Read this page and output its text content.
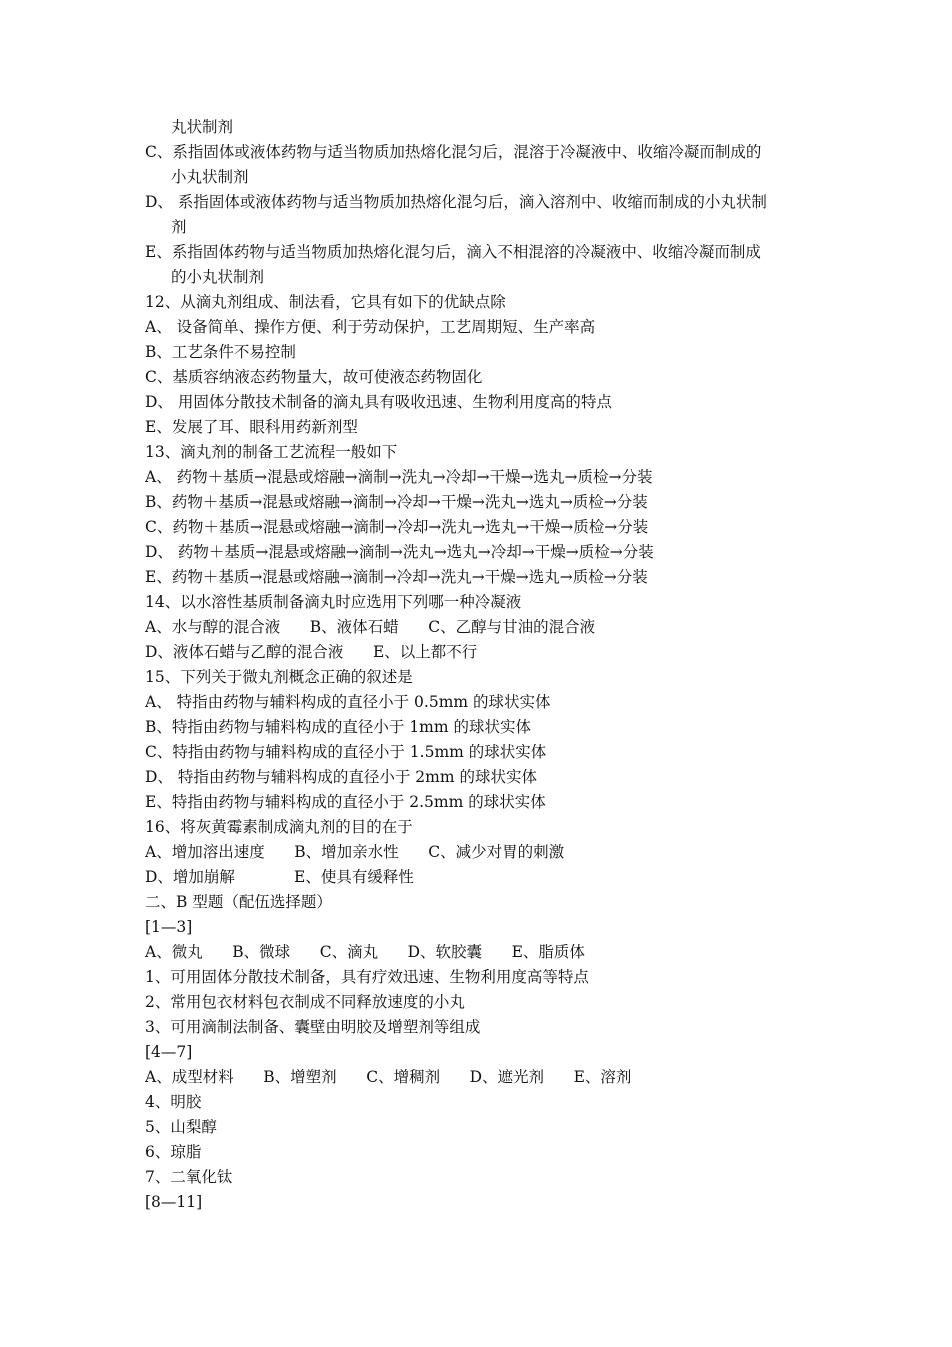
丸状制剂
C、系指固体或液体药物与适当物质加热熔化混匀后，混溶于冷凝液中、收缩冷凝而制成的
小丸状制剂
D、 系指固体或液体药物与适当物质加热熔化混匀后，滴入溶剂中、收缩而制成的小丸状制
剂
E、系指固体药物与适当物质加热熔化混匀后，滴入不相混溶的冷凝液中、收缩冷凝而制成
的小丸状制剂
12、从滴丸剂组成、制法看，它具有如下的优缺点除
A、 设备简单、操作方便、利于劳动保护，工艺周期短、生产率高
B、工艺条件不易控制
C、基质容纳液态药物量大，故可使液态药物固化
D、 用固体分散技术制备的滴丸具有吸收迅速、生物利用度高的特点
E、发展了耳、眼科用药新剂型
13、滴丸剂的制备工艺流程一般如下
A、 药物＋基质→混悬或熔融→滴制→洗丸→冷却→干燥→选丸→质检→分装
B、药物＋基质→混悬或熔融→滴制→冷却→干燥→洗丸→选丸→质检→分装
C、药物＋基质→混悬或熔融→滴制→冷却→洗丸→选丸→干燥→质检→分装
D、 药物＋基质→混悬或熔融→滴制→洗丸→选丸→冷却→干燥→质检→分装
E、药物＋基质→混悬或熔融→滴制→冷却→洗丸→干燥→选丸→质检→分装
14、以水溶性基质制备滴丸时应选用下列哪一种冷凝液
A、水与醇的混合液      B、液体石蜡      C、乙醇与甘油的混合液
D、液体石蜡与乙醇的混合液      E、以上都不行
15、下列关于微丸剂概念正确的叙述是
A、 特指由药物与辅料构成的直径小于 0.5mm 的球状实体
B、特指由药物与辅料构成的直径小于 1mm 的球状实体
C、特指由药物与辅料构成的直径小于 1.5mm 的球状实体
D、 特指由药物与辅料构成的直径小于 2mm 的球状实体
E、特指由药物与辅料构成的直径小于 2.5mm 的球状实体
16、将灰黄霉素制成滴丸剂的目的在于
A、增加溶出速度      B、增加亲水性      C、减少对胃的刺激
D、增加崩解            E、使具有缓释性
二、B 型题（配伍选择题）
[1—3]
A、微丸      B、微球      C、滴丸      D、软胶囊      E、脂质体
1、可用固体分散技术制备，具有疗效迅速、生物利用度高等特点
2、常用包衣材料包衣制成不同释放速度的小丸
3、可用滴制法制备、囊壁由明胶及增塑剂等组成
[4—7]
A、成型材料      B、增塑剂      C、增稠剂      D、遮光剂      E、溶剂
4、明胶
5、山梨醇
6、琼脂
7、二氧化钛
[8—11]
